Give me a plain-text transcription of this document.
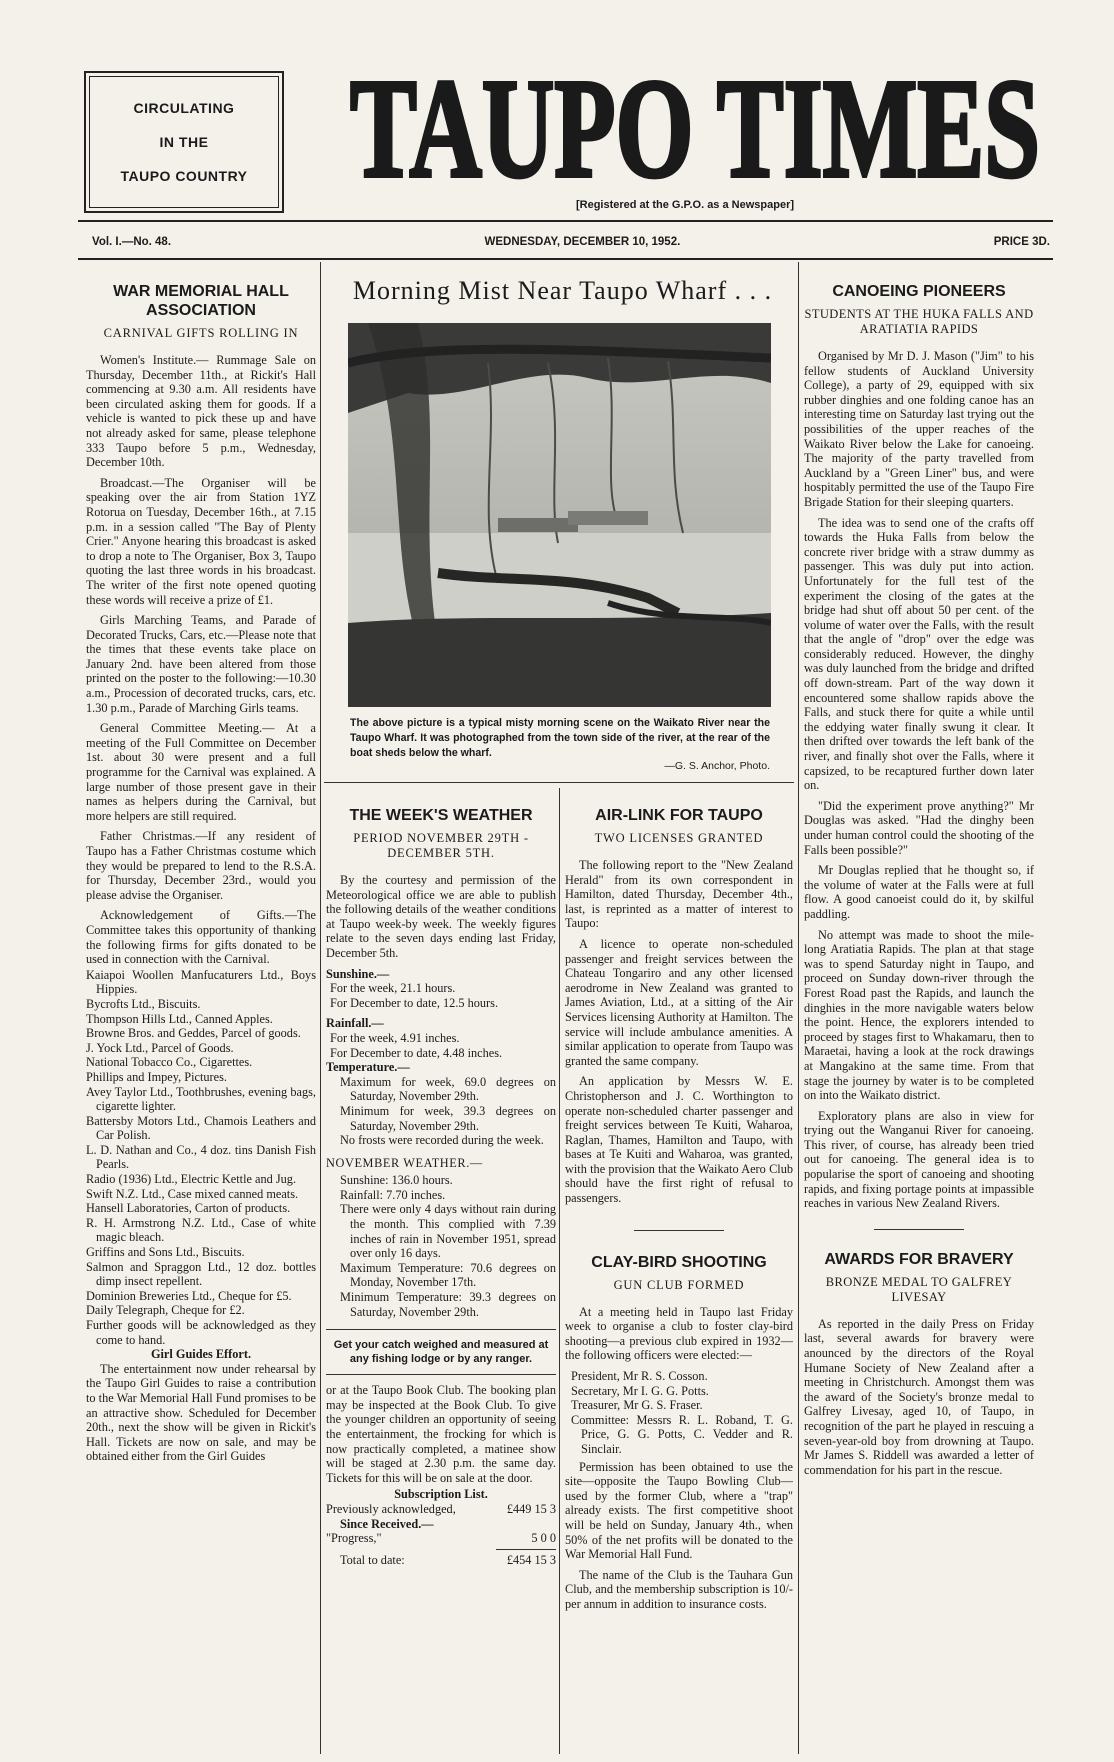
CIRCULATING
IN THE
TAUPO COUNTRY TAUPO TIMES
[Registered at the G.P.O. as a Newspaper]
Vol. I.—No. 48.	WEDNESDAY, DECEMBER 10, 1952.	PRICE 3D.
WAR MEMORIAL HALL ASSOCIATION
CARNIVAL GIFTS ROLLING IN

Women's Institute.— Rummage Sale on Thursday, December 11th., at Rickit's Hall commencing at 9.30 a.m. All residents have been circulated asking them for goods. If a vehicle is wanted to pick these up and have not already asked for same, please telephone 333 Taupo before 5 p.m., Wednesday, December 10th.

Broadcast.—The Organiser will be speaking over the air from Station 1YZ Rotorua on Tuesday, December 16th., at 7.15 p.m. in a session called "The Bay of Plenty Crier." Anyone hearing this broadcast is asked to drop a note to The Organiser, Box 3, Taupo quoting the last three words in his broadcast. The writer of the first note opened quoting these words will receive a prize of £1.

Girls Marching Teams, and Parade of Decorated Trucks, Cars, etc.—Please note that the times that these events take place on January 2nd. have been altered from those printed on the poster to the following:—10.30 a.m., Procession of decorated trucks, cars, etc. 1.30 p.m., Parade of Marching Girls teams.

General Committee Meeting.— At a meeting of the Full Committee on December 1st. about 30 were present and a full programme for the Carnival was explained. A large number of those present gave in their names as helpers during the Carnival, but more helpers are still required.

Father Christmas.—If any resident of Taupo has a Father Christmas costume which they would be prepared to lend to the R.S.A. for Thursday, December 23rd., would you please advise the Organiser.

Acknowledgement of Gifts.—The Committee takes this opportunity of thanking the following firms for gifts donated to be used in connection with the Carnival.

Kaiapoi Woollen Manfucaturers Ltd., Boys Hippies.
Bycrofts Ltd., Biscuits.
Thompson Hills Ltd., Canned Apples.
Browne Bros. and Geddes, Parcel of goods.
J. Yock Ltd., Parcel of Goods.
National Tobacco Co., Cigarettes.
Phillips and Impey, Pictures.
Avey Taylor Ltd., Toothbrushes, evening bags, cigarette lighter.
Battersby Motors Ltd., Chamois Leathers and Car Polish.
L. D. Nathan and Co., 4 doz. tins Danish Fish Pearls.
Radio (1936) Ltd., Electric Kettle and Jug.
Swift N.Z. Ltd., Case mixed canned meats.
Hansell Laboratories, Carton of products.
R. H. Armstrong N.Z. Ltd., Case of white magic bleach.
Griffins and Sons Ltd., Biscuits.
Salmon and Spraggon Ltd., 12 doz. bottles dimp insect repellent.
Dominion Breweries Ltd., Cheque for £5.
Daily Telegraph, Cheque for £2.
Further goods will be acknowledged as they come to hand.
Girl Guides Effort.

The entertainment now under rehearsal by the Taupo Girl Guides to raise a contribution to the War Memorial Hall Fund promises to be an attractive show. Scheduled for December 20th., next the show will be given in Rickit's Hall. Tickets are now on sale, and may be obtained either from the Girl Guides

Morning Mist Near Taupo Wharf . . .
The above picture is a typical misty morning scene on the Waikato River near the Taupo Wharf. It was photographed from the town side of the river, at the rear of the boat sheds below the wharf.
—G. S. Anchor, Photo.
THE WEEK'S WEATHER
PERIOD NOVEMBER 29TH - DECEMBER 5TH.

By the courtesy and permission of the Meteorological office we are able to publish the following details of the weather conditions at Taupo week-by week. The weekly figures relate to the seven days ending last Friday, December 5th.

Sunshine.—
For the week, 21.1 hours.
For December to date, 12.5 hours.
Rainfall.—
For the week, 4.91 inches.
For December to date, 4.48 inches.
Temperature.—
Maximum for week, 69.0 degrees on Saturday, November 29th.
Minimum for week, 39.3 degrees on Saturday, November 29th.
No frosts were recorded during the week.
NOVEMBER WEATHER.—
Sunshine: 136.0 hours.
Rainfall: 7.70 inches.
There were only 4 days without rain during the month. This complied with 7.39 inches of rain in November 1951, spread over only 16 days.
Maximum Temperature: 70.6 degrees on Monday, November 17th.
Minimum Temperature: 39.3 degrees on Saturday, November 29th.
Get your catch weighed and measured at any fishing lodge or by any ranger.

or at the Taupo Book Club. The booking plan may be inspected at the Book Club. To give the younger children an opportunity of seeing the entertainment, the frocking for which is now practically completed, a matinee show will be staged at 2.30 p.m. the same day. Tickets for this will be on sale at the door.

Subscription List.
Previously acknowledged,	£449 15 3
Since Received.—
"Progress,"	5 0 0
Total to date:	£454 15 3
AIR-LINK FOR TAUPO
TWO LICENSES GRANTED

The following report to the "New Zealand Herald" from its own correspondent in Hamilton, dated Thursday, December 4th., last, is reprinted as a matter of interest to Taupo:

A licence to operate non-scheduled passenger and freight services between the Chateau Tongariro and any other licensed aerodrome in New Zealand was granted to James Aviation, Ltd., at a sitting of the Air Services licensing Authority at Hamilton. The service will include ambulance amenities. A similar application to operate from Taupo was granted the same company.

An application by Messrs W. E. Christopherson and J. C. Worthington to operate non-scheduled charter passenger and freight services between Te Kuiti, Waharoa, Raglan, Thames, Hamilton and Taupo, with bases at Te Kuiti and Waharoa, was granted, with the provision that the Waikato Aero Club should have the first right of refusal to passengers.

CLAY-BIRD SHOOTING
GUN CLUB FORMED

At a meeting held in Taupo last Friday week to organise a club to foster clay-bird shooting—a previous club expired in 1932—the following officers were elected:—

President, Mr R. S. Cosson.
Secretary, Mr I. G. G. Potts.
Treasurer, Mr G. S. Fraser.
Committee: Messrs R. L. Roband, T. G. Price, G. G. Potts, C. Vedder and R. Sinclair.

Permission has been obtained to use the site—opposite the Taupo Bowling Club—used by the former Club, where a "trap" already exists. The first competitive shoot will be held on Sunday, January 4th., when 50% of the net profits will be donated to the War Memorial Hall Fund.

The name of the Club is the Tauhara Gun Club, and the membership subscription is 10/- per annum in addition to insurance costs.

CANOEING PIONEERS
STUDENTS AT THE HUKA FALLS AND ARATIATIA RAPIDS

Organised by Mr D. J. Mason ("Jim" to his fellow students of Auckland University College), a party of 29, equipped with six rubber dinghies and one folding canoe has an interesting time on Saturday last trying out the possibilities of the upper reaches of the Waikato River below the Lake for canoeing. The majority of the party travelled from Auckland by a "Green Liner" bus, and were hospitably permitted the use of the Taupo Fire Brigade Station for their sleeping quarters.

The idea was to send one of the crafts off towards the Huka Falls from below the concrete river bridge with a straw dummy as passenger. This was duly put into action. Unfortunately for the full test of the experiment the closing of the gates at the bridge had shut off about 50 per cent. of the volume of water over the Falls, with the result that the angle of "drop" over the edge was considerably reduced. However, the dinghy was duly launched from the bridge and drifted off down-stream. Part of the way down it encountered some shallow rapids above the Falls, and stuck there for quite a while until the eddying water finally swung it clear. It then drifted over towards the left bank of the river, and finally shot over the Falls, where it capsized, to be recaptured further down later on.

"Did the experiment prove anything?" Mr Douglas was asked. "Had the dinghy been under human control could the shooting of the Falls been possible?"

Mr Douglas replied that he thought so, if the volume of water at the Falls were at full flow. A good canoeist could do it, by skilful paddling.

No attempt was made to shoot the mile-long Aratiatia Rapids. The plan at that stage was to spend Saturday night in Taupo, and proceed on Sunday down-river through the Forest Road past the Rapids, and launch the dinghies in the more navigable waters below the point. Hence, the explorers intended to proceed by stages first to Whakamaru, then to Maraetai, having a look at the rock drawings at Mangakino at the same time. From that stage the journey by water is to be completed on into the Waikato district.

Exploratory plans are also in view for trying out the Wanganui River for canoeing. This river, of course, has already been tried out for canoeing. The general idea is to popularise the sport of canoeing and shooting rapids, and fixing portage points at impassible reaches in various New Zealand Rivers.

AWARDS FOR BRAVERY
BRONZE MEDAL TO GALFREY LIVESAY

As reported in the daily Press on Friday last, several awards for bravery were anounced by the directors of the Royal Humane Society of New Zealand after a meeting in Christchurch. Amongst them was the award of the Society's bronze medal to Galfrey Livesay, aged 10, of Taupo, in recognition of the part he played in rescuing a seven-year-old boy from drowning at Taupo. Mr James S. Riddell was awarded a letter of commendation for his part in the rescue.
